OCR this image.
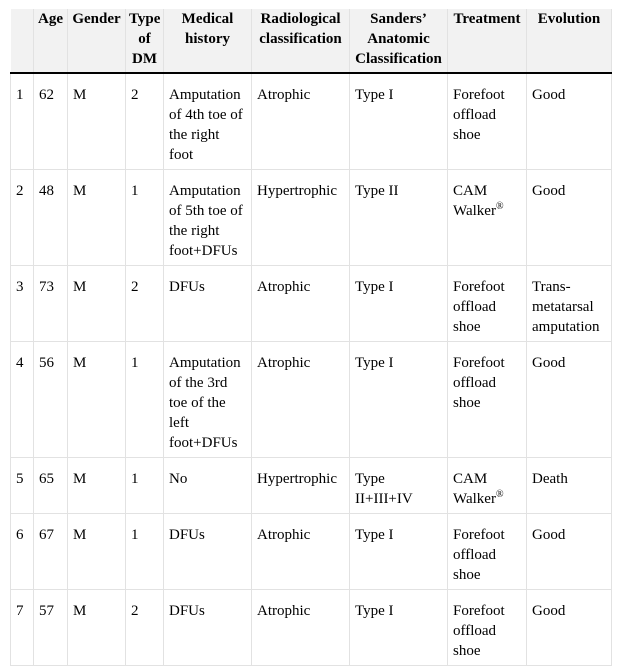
	Age	Gender	Type of DM	Medical history	Radiological classification	Sanders’ Anatomic Classification	Treatment	Evolution
1	62	M	2	Amputation of 4th toe of the right foot	Atrophic	Type I	Forefoot offload shoe	Good
2	48	M	1	Amputation of 5th toe of the right foot+DFUs	Hypertrophic	Type II	CAM Walker®	Good
3	73	M	2	DFUs	Atrophic	Type I	Forefoot offload shoe	Trans-metatarsal amputation
4	56	M	1	Amputation of the 3rd toe of the left foot+DFUs	Atrophic	Type I	Forefoot offload shoe	Good
5	65	M	1	No	Hypertrophic	Type II+III+IV	CAM Walker®	Death
6	67	M	1	DFUs	Atrophic	Type I	Forefoot offload shoe	Good
7	57	M	2	DFUs	Atrophic	Type I	Forefoot offload shoe	Good
